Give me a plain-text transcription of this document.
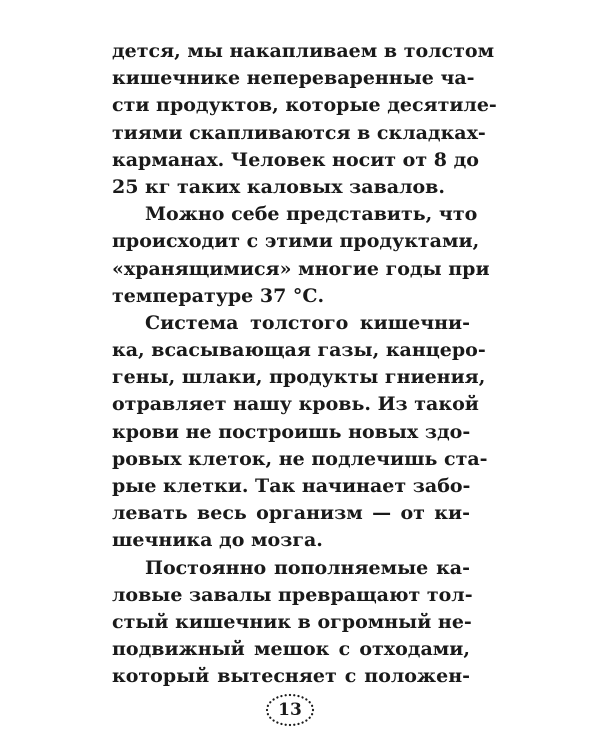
дется, мы накапливаем в толстом
кишечнике непереваренные ча-
сти продуктов, которые десятиле-
тиями скапливаются в складках-
карманах. Человек носит от 8 до
25 кг таких каловых завалов.
Можно себе представить, что
происходит с этими продуктами,
«хранящимися» многие годы при
температуре 37 °С.
Система толстого кишечни-
ка, всасывающая газы, канцеро-
гены, шлаки, продукты гниения,
отравляет нашу кровь. Из такой
крови не построишь новых здо-
ровых клеток, не подлечишь ста-
рые клетки. Так начинает забо-
левать весь организм — от ки-
шечника до мозга.
Постоянно пополняемые ка-
ловые завалы превращают тол-
стый кишечник в огромный не-
подвижный мешок с отходами,
который вытесняет с положен-
13
